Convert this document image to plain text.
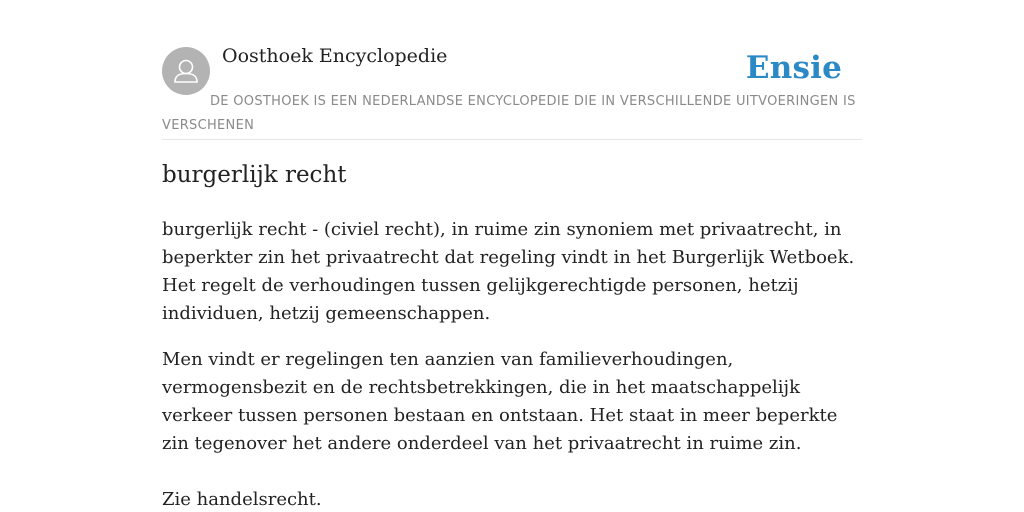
Oosthoek Encyclopedie	Ensie
DE OOSTHOEK IS EEN NEDERLANDSE ENCYCLOPEDIE DIE IN VERSCHILLENDE UITVOERINGEN IS VERSCHENEN
burgerlijk recht

burgerlijk recht - (civiel recht), in ruime zin synoniem met privaatrecht, in beperkter zin het privaatrecht dat regeling vindt in het Burgerlijk Wetboek. Het regelt de verhoudingen tussen gelijkgerechtigde personen, hetzij individuen, hetzij gemeenschappen.

Men vindt er regelingen ten aanzien van familieverhoudingen, vermogensbezit en de rechtsbetrekkingen, die in het maatschappelijk verkeer tussen personen bestaan en ontstaan. Het staat in meer beperkte zin tegenover het andere onderdeel van het privaatrecht in ruime zin.

Zie handelsrecht.
